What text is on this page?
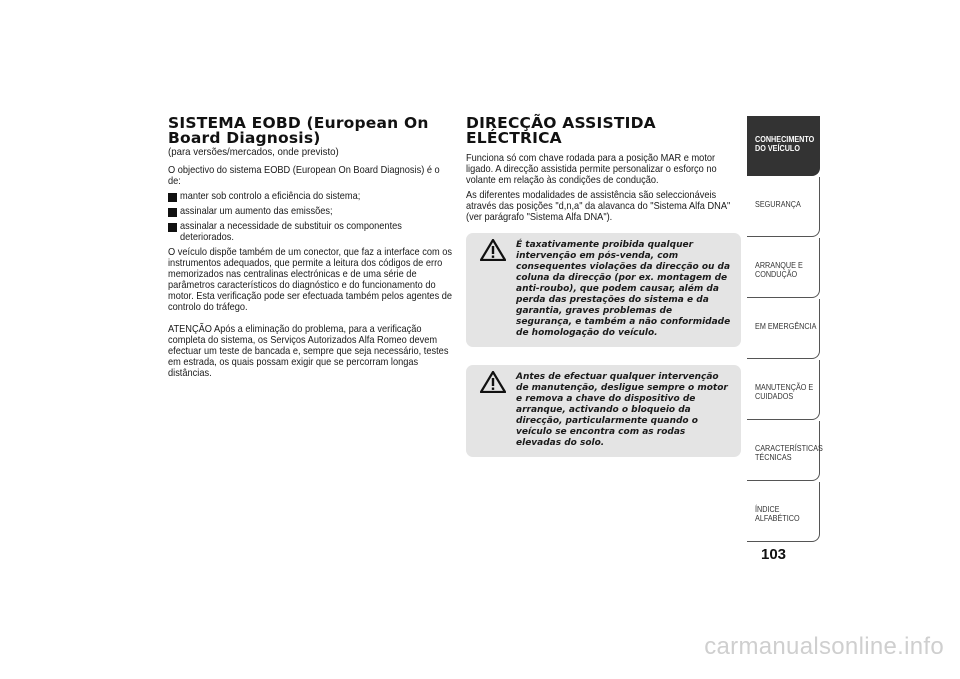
SISTEMA EOBD (European On Board Diagnosis)
(para versões/mercados, onde previsto)

O objectivo do sistema EOBD (European On Board Diagnosis) é o de:

manter sob controlo a eficiência do sistema;
assinalar um aumento das emissões;
assinalar a necessidade de substituir os componentes deteriorados.

O veículo dispõe também de um conector, que faz a interface com os instrumentos adequados, que permite a leitura dos códigos de erro memorizados nas centralinas electrónicas e de uma série de parâmetros característicos do diagnóstico e do funcionamento do motor. Esta verificação pode ser efectuada também pelos agentes de controlo do tráfego.

ATENÇÃO Após a eliminação do problema, para a verificação completa do sistema, os Serviços Autorizados Alfa Romeo devem efectuar um teste de bancada e, sempre que seja necessário, testes em estrada, os quais possam exigir que se percorram longas distâncias.

DIRECÇÃO ASSISTIDA ELÉCTRICA

Funciona só com chave rodada para a posição MAR e motor ligado. A direcção assistida permite personalizar o esforço no volante em relação às condições de condução.

As diferentes modalidades de assistência são seleccionáveis através das posições "d,n,a" da alavanca do "Sistema Alfa DNA" (ver parágrafo "Sistema Alfa DNA").

É taxativamente proibida qualquer intervenção em pós-venda, com consequentes violações da direcção ou da coluna da direcção (por ex. montagem de anti-roubo), que podem causar, além da perda das prestações do sistema e da garantia, graves problemas de segurança, e também a não conformidade de homologação do veículo.
Antes de efectuar qualquer intervenção de manutenção, desligue sempre o motor e remova a chave do dispositivo de arranque, activando o bloqueio da direcção, particularmente quando o veículo se encontra com as rodas elevadas do solo.
CONHECIMENTO DO VEÍCULO
SEGURANÇA
ARRANQUE E CONDUÇÃO
EM EMERGÊNCIA
MANUTENÇÃO E CUIDADOS
CARACTERÍSTICAS TÉCNICAS
ÍNDICE ALFABÉTICO
103
carmanualsonline.info
